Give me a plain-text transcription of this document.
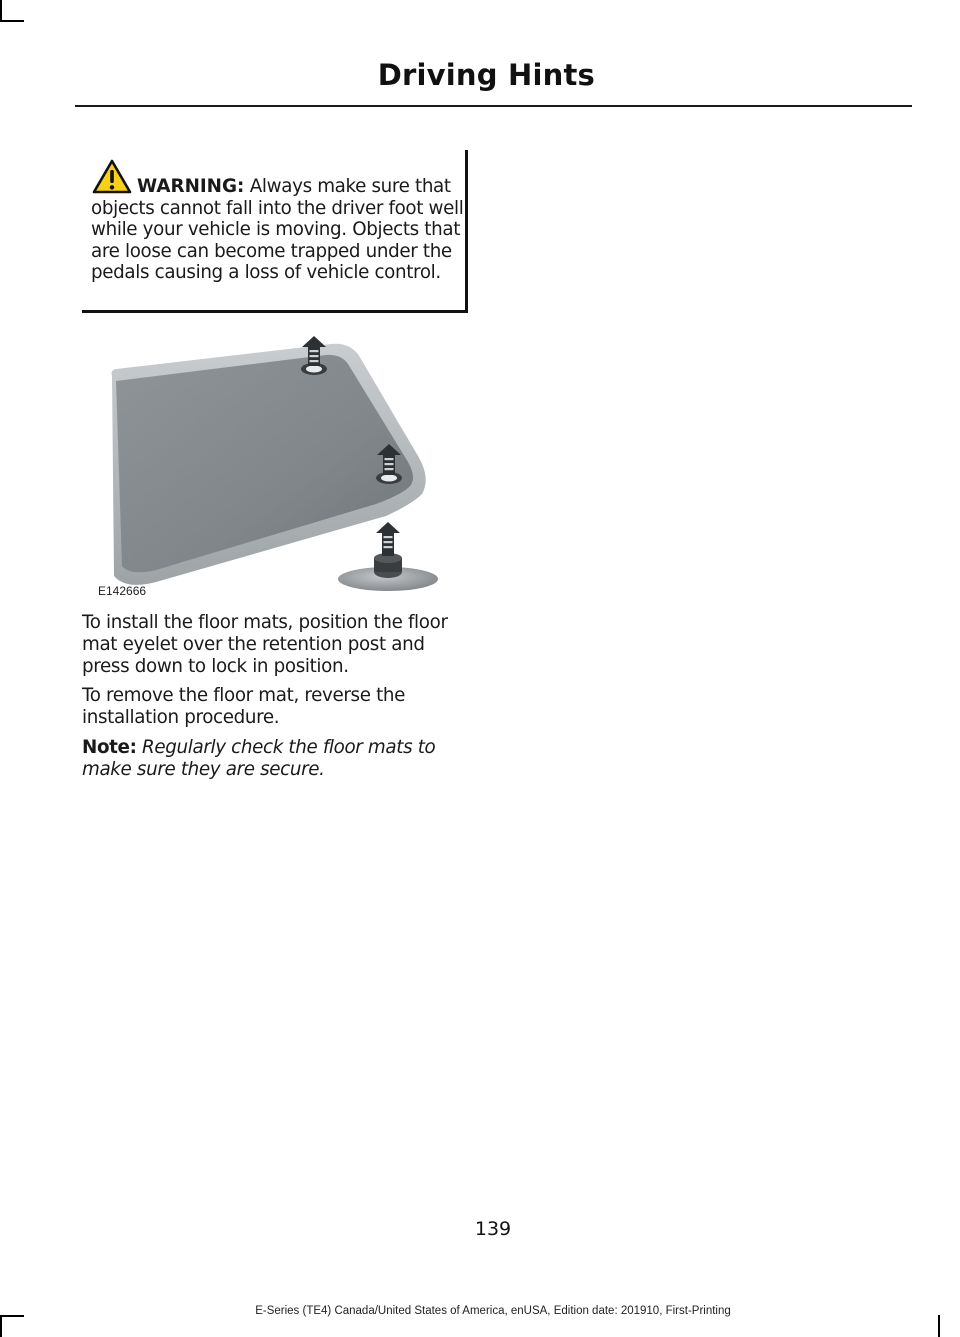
Driving Hints
WARNING: Always make sure that objects cannot fall into the driver foot well while your vehicle is moving. Objects that are loose can become trapped under the pedals causing a loss of vehicle control.
E142666

To install the floor mats, position the floor mat eyelet over the retention post and press down to lock in position.

To remove the floor mat, reverse the installation procedure.

Note: Regularly check the floor mats to make sure they are secure.

139
E-Series (TE4) Canada/United States of America, enUSA, Edition date: 201910, First-Printing
